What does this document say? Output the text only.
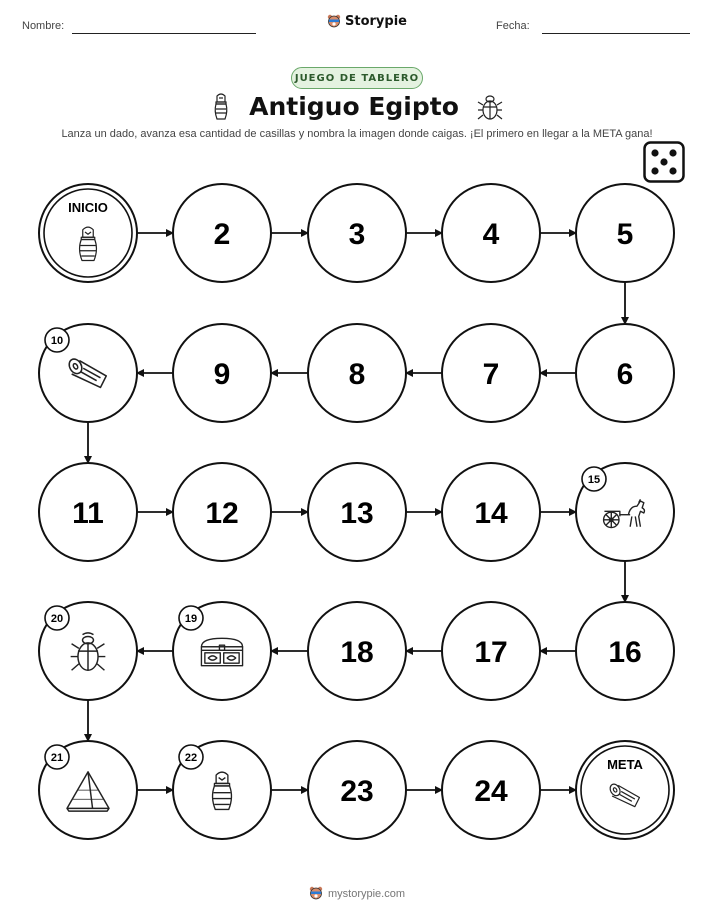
Nombre:	Storypie	Fecha:
JUEGO DE TABLERO
Antiguo Egipto
Lanza un dado, avanza esa cantidad de casillas y nombra la imagen donde caigas. ¡El primero en llegar a la META gana!
INICIO
2	3	4	5
6
7
8
9
10
11	12	13	14
15
16
17
18
19
20
21	22
23	24
META
mystorypie.com
